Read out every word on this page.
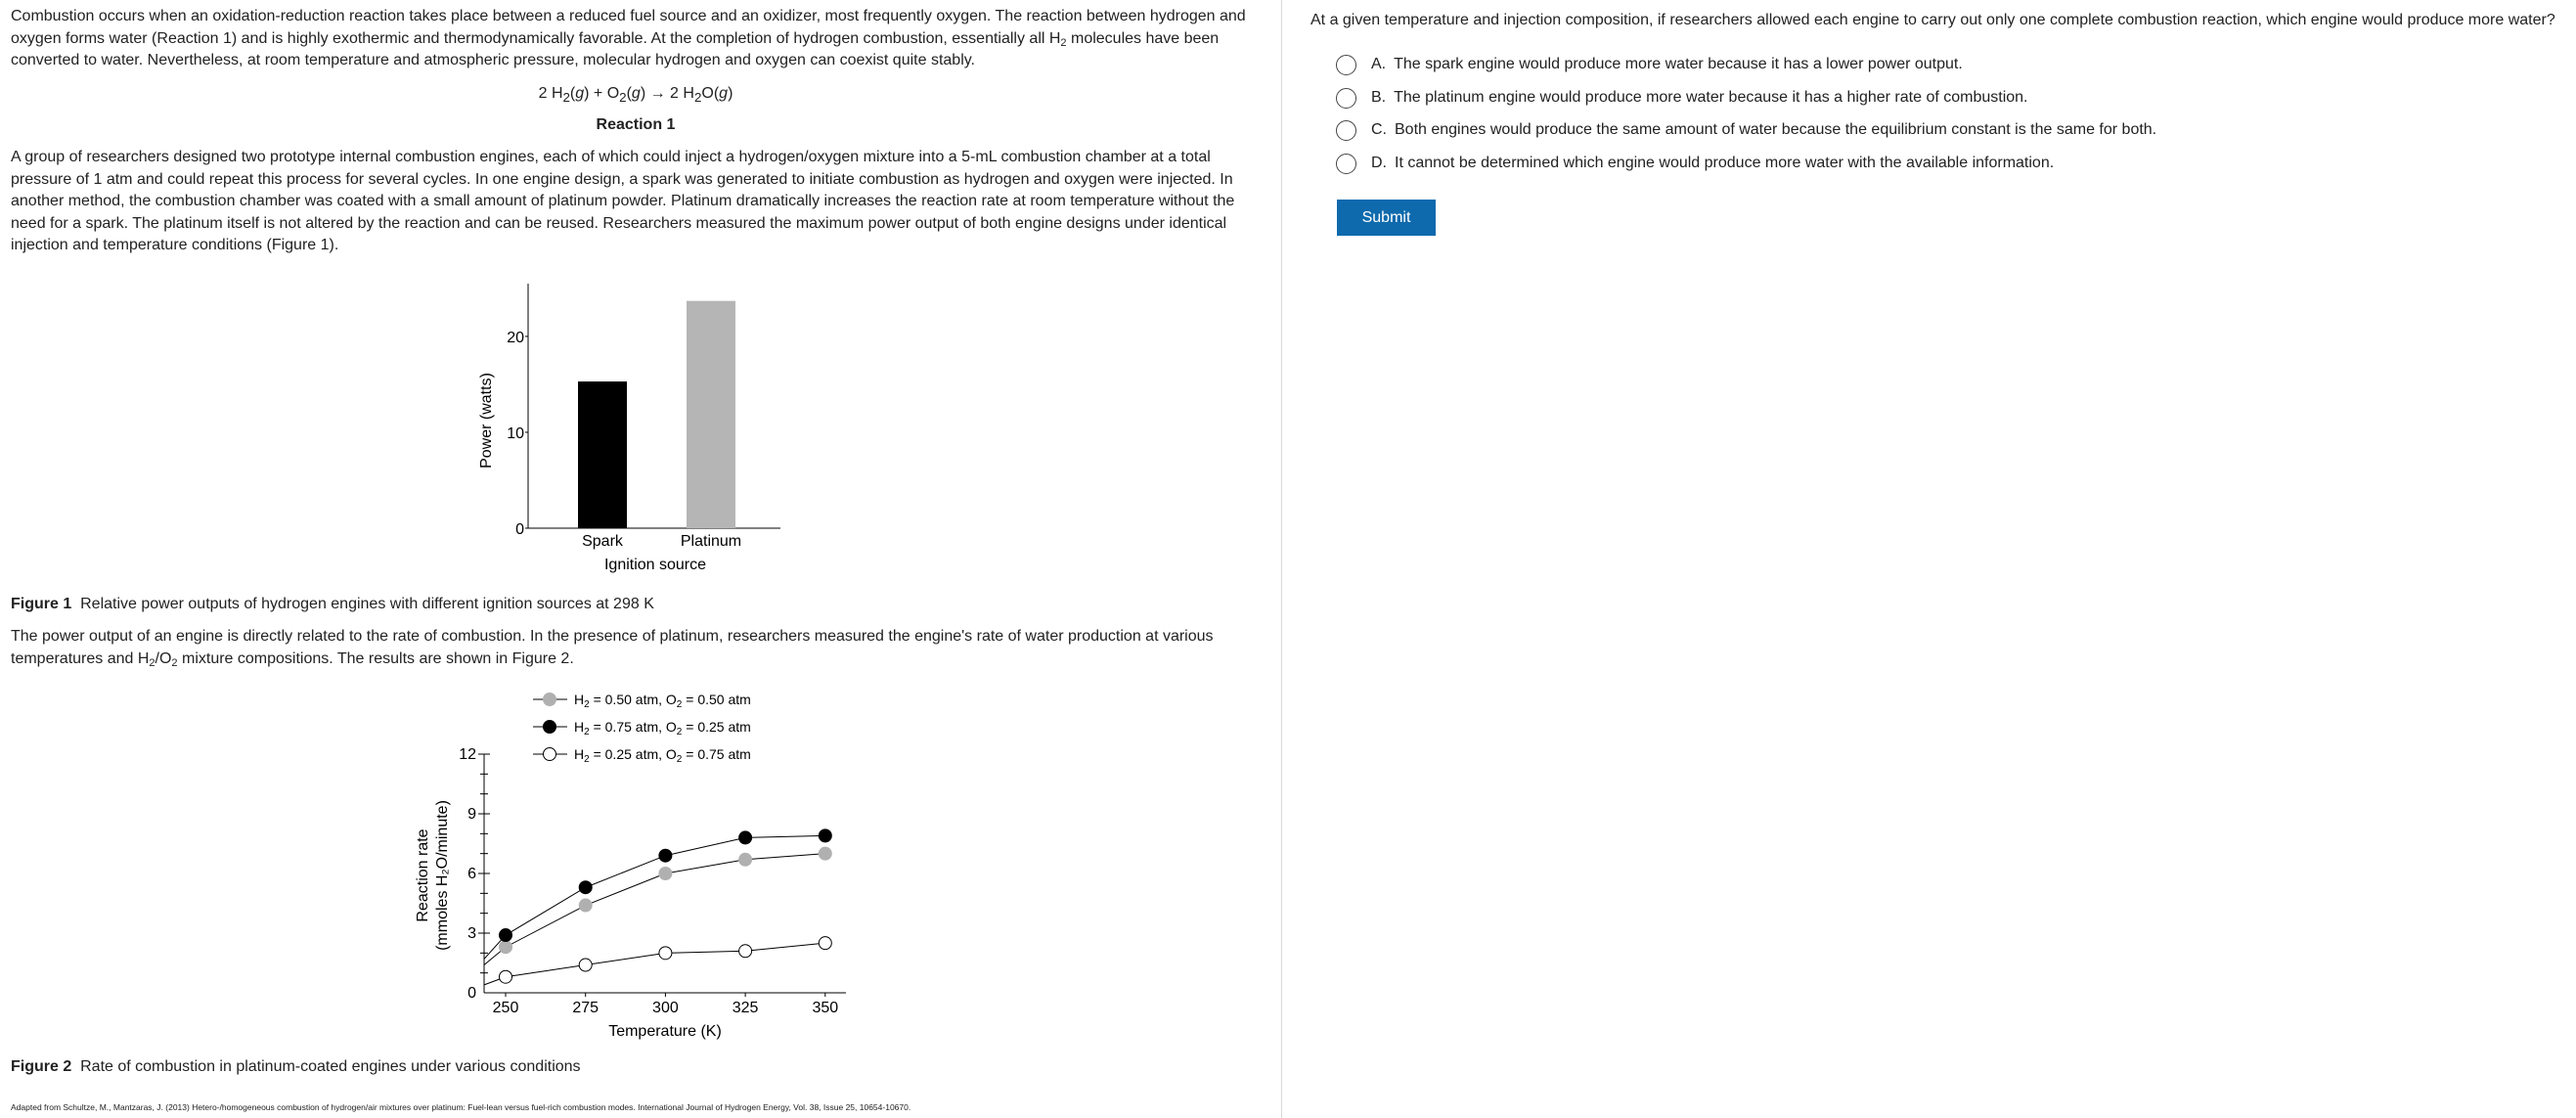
Combustion occurs when an oxidation-reduction reaction takes place between a reduced fuel source and an oxidizer, most frequently oxygen. The reaction between hydrogen and oxygen forms water (Reaction 1) and is highly exothermic and thermodynamically favorable. At the completion of hydrogen combustion, essentially all $H_2$ molecules have been converted to water. Nevertheless, at room temperature and atmospheric pressure, molecular hydrogen and oxygen can coexist quite stably.
2 $H_2(g) + O_2(g) \to 2$ $H_2O(g)$
Reaction 1
A group of researchers designed two prototype internal combustion engines, each of which could inject a hydrogen/oxygen mixture into a 5-mL combustion chamber at a total pressure of 1 atm and could repeat this process for several cycles. In one engine design, a spark was generated to initiate combustion as hydrogen and oxygen were injected. In another method, the combustion chamber was coated with a small amount of platinum powder. Platinum dramatically increases the reaction rate at room temperature without the need for a spark. The platinum itself is not altered by the reaction and can be reused. Researchers measured the maximum power output of both engine designs under identical injection and temperature conditions (Figure 1).
0
10
20
Spark	Platinum
Ignition source
Power (watts)
Figure 1  Relative power outputs of hydrogen engines with different ignition sources at 298 K
The power output of an engine is directly related to the rate of combustion. In the presence of platinum, researchers measured the engine's rate of water production at various temperatures and $H_2/O_2$ mixture compositions. The results are shown in Figure 2.
0
3
6
9
12
250	275	300	325	350
Temperature (K)
Reaction rate (mmoles H₂O/minute)
H2 = 0.50 atm, O2 = 0.50 atm
H2 = 0.75 atm, O2 = 0.25 atm
H2 = 0.25 atm, O2 = 0.75 atm
Figure 2  Rate of combustion in platinum-coated engines under various conditions
Adapted from Schultze, M., Mantzaras, J. (2013) Hetero-/homogeneous combustion of hydrogen/air mixtures over platinum: Fuel-lean versus fuel-rich combustion modes. International Journal of Hydrogen Energy, Vol. 38, Issue 25, 10654-10670.
At a given temperature and injection composition, if researchers allowed each engine to carry out only one complete combustion reaction, which engine would produce more water?
A. The spark engine would produce more water because it has a lower power output.
B. The platinum engine would produce more water because it has a higher rate of combustion.
C. Both engines would produce the same amount of water because the equilibrium constant is the same for both.
D. It cannot be determined which engine would produce more water with the available information.
Submit
